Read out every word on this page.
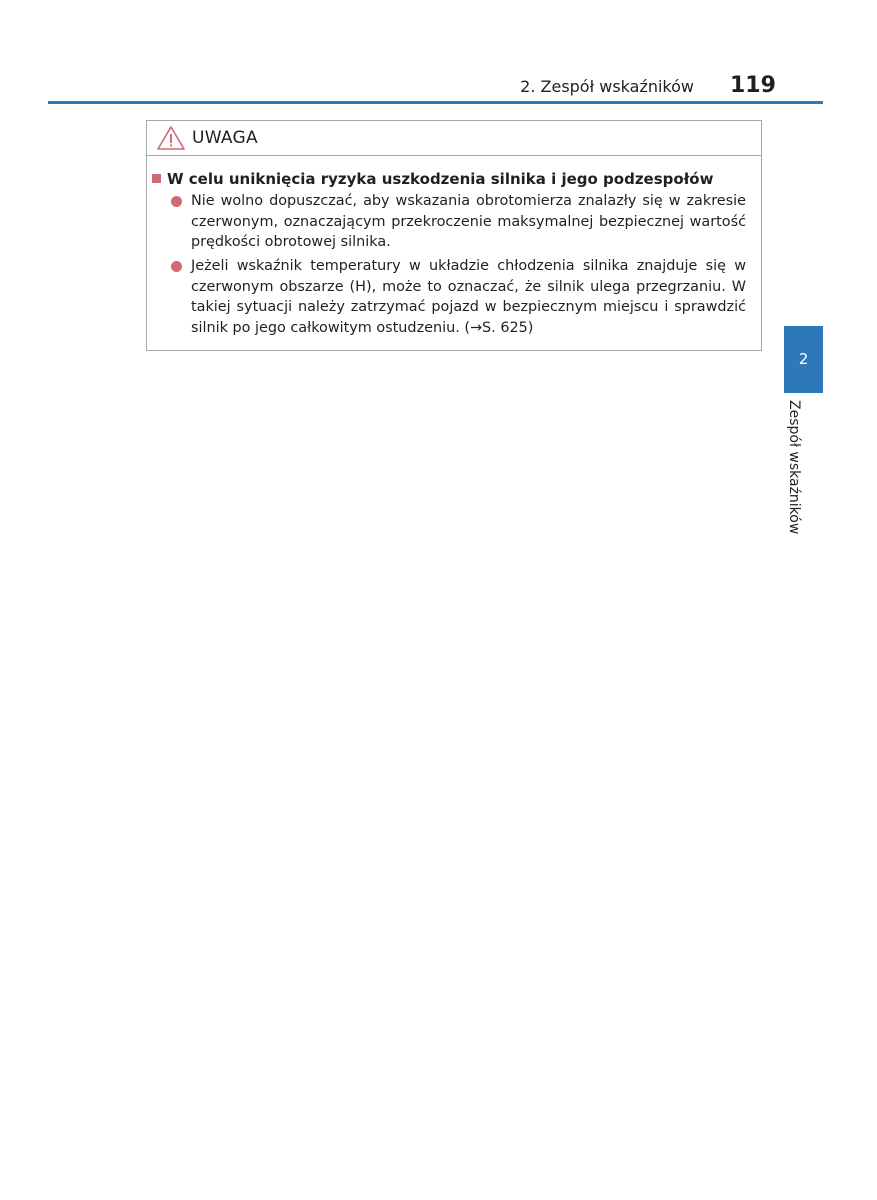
2. Zespół wskaźników 119
UWAGA
W celu uniknięcia ryzyka uszkodzenia silnika i jego podzespołów
Nie wolno dopuszczać, aby wskazania obrotomierza znalazły się w zakresie czerwonym, oznaczającym przekroczenie maksymalnej bezpiecznej wartość prędkości obrotowej silnika.
Jeżeli wskaźnik temperatury w układzie chłodzenia silnika znajduje się w czerwonym obszarze (H), może to oznaczać, że silnik ulega przegrzaniu. W takiej sytuacji należy zatrzymać pojazd w bezpiecznym miejscu i sprawdzić silnik po jego całkowitym ostudzeniu. (→S. 625)
2
Zespół wskaźników
